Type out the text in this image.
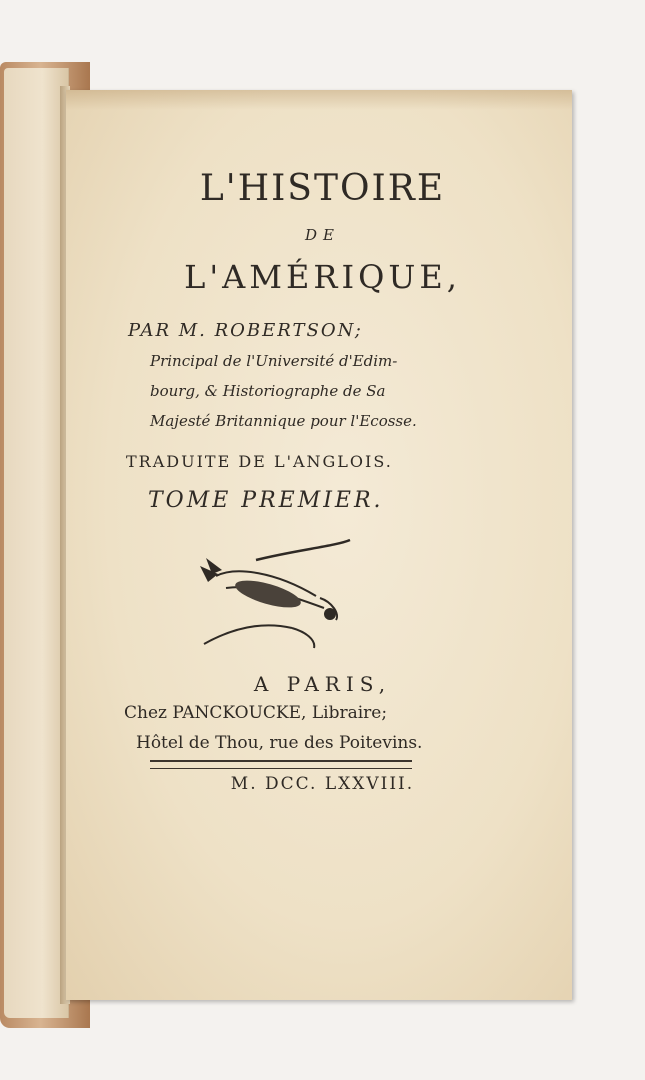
L'HISTOIRE
DE
L'AMÉRIQUE,
PAR M. ROBERTSON;
Principal de l'Université d'Edim-
bourg, & Historiographe de Sa
Majesté Britannique pour l'Ecosse.
TRADUITE DE L'ANGLOIS.
TOME PREMIER.
A PARIS,
Chez PANCKOUCKE, Libraire;
Hôtel de Thou, rue des Poitevins.
M. DCC. LXXVIII.
